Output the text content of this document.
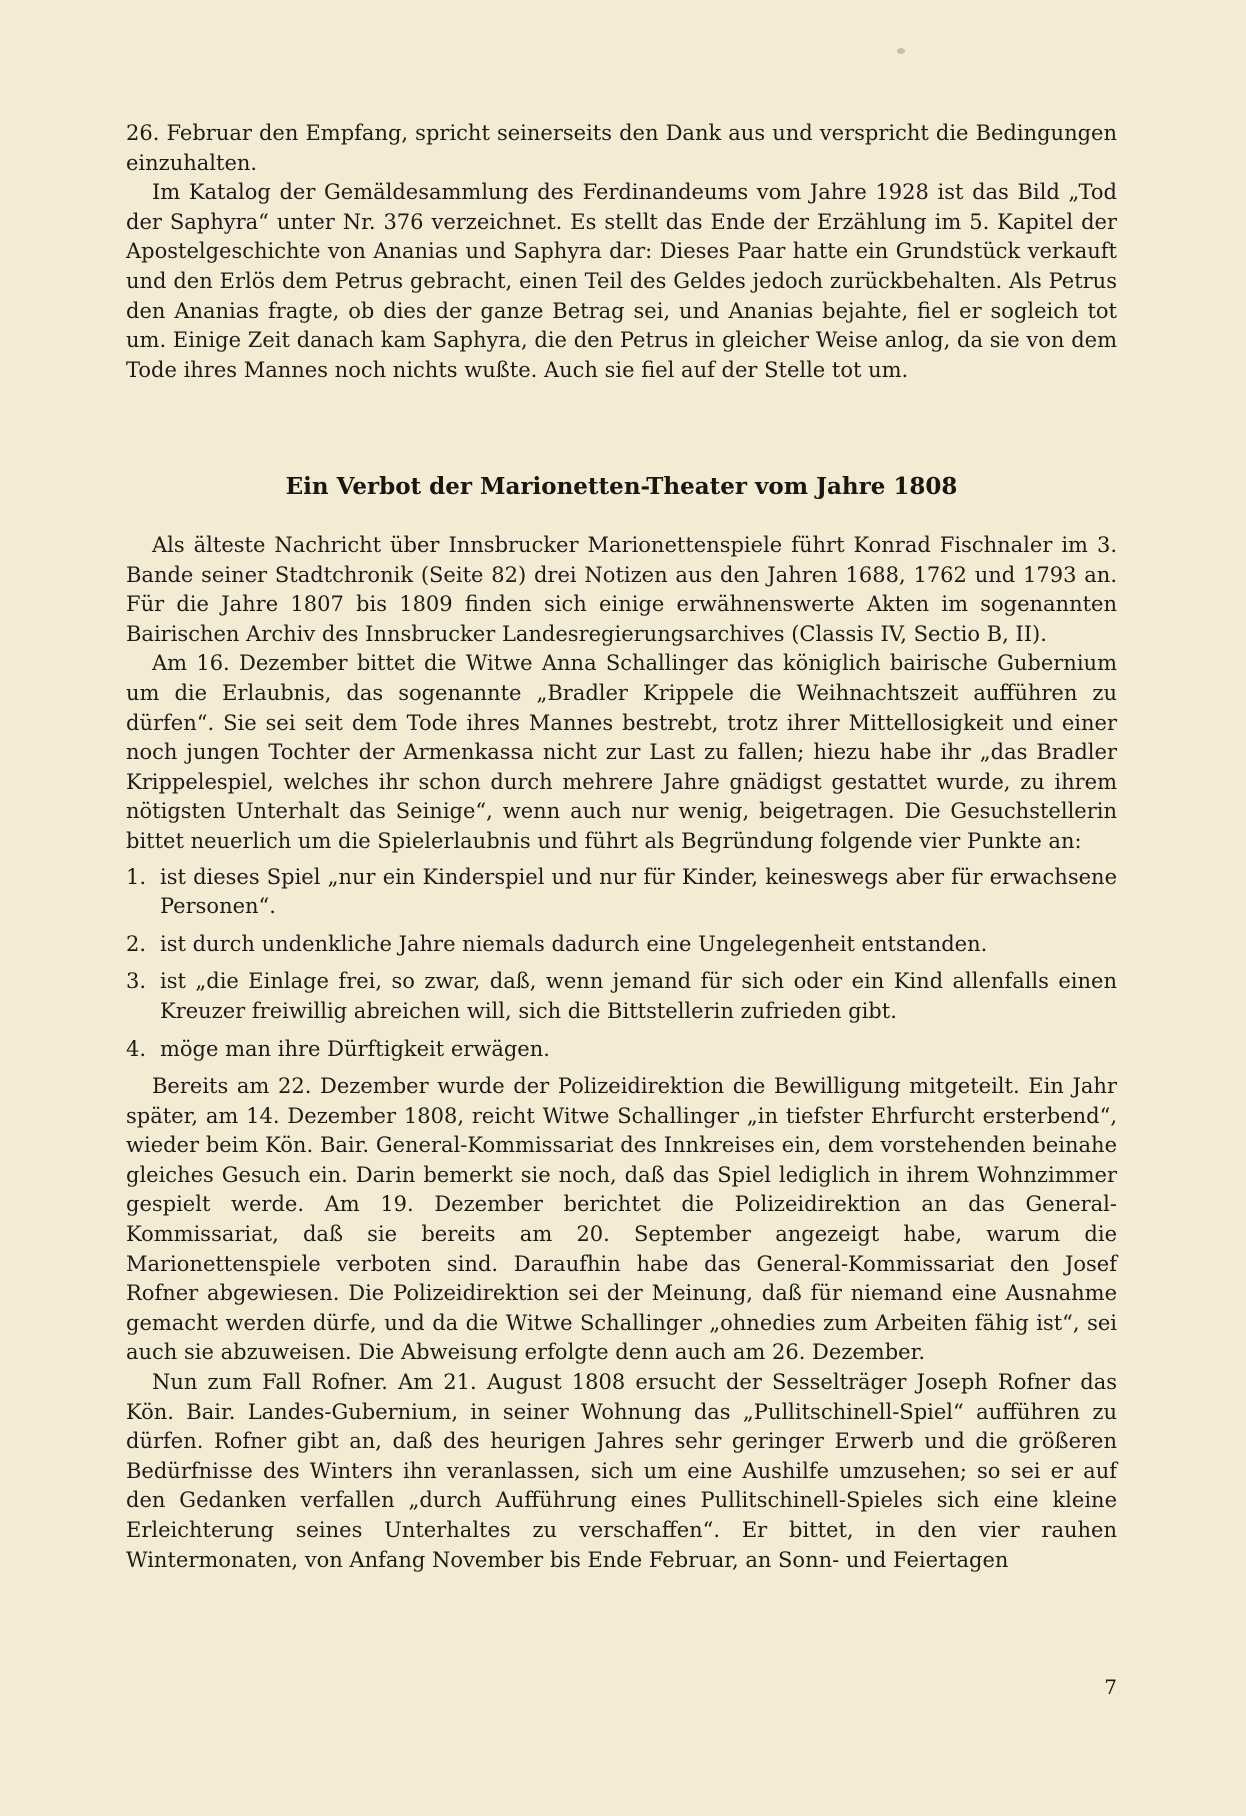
26. Februar den Empfang, spricht seinerseits den Dank aus und verspricht die Bedingungen einzuhalten.

Im Katalog der Gemäldesammlung des Ferdinandeums vom Jahre 1928 ist das Bild „Tod der Saphyra“ unter Nr. 376 verzeichnet. Es stellt das Ende der Erzählung im 5. Kapitel der Apostelgeschichte von Ananias und Saphyra dar: Dieses Paar hatte ein Grundstück verkauft und den Erlös dem Petrus gebracht, einen Teil des Geldes jedoch zurückbehalten. Als Petrus den Ananias fragte, ob dies der ganze Betrag sei, und Ananias bejahte, fiel er sogleich tot um. Einige Zeit danach kam Saphyra, die den Petrus in gleicher Weise anlog, da sie von dem Tode ihres Mannes noch nichts wußte. Auch sie fiel auf der Stelle tot um.

Ein Verbot der Marionetten-Theater vom Jahre 1808

Als älteste Nachricht über Innsbrucker Marionettenspiele führt Konrad Fischnaler im 3. Bande seiner Stadtchronik (Seite 82) drei Notizen aus den Jahren 1688, 1762 und 1793 an. Für die Jahre 1807 bis 1809 finden sich einige erwähnenswerte Akten im sogenannten Bairischen Archiv des Innsbrucker Landesregierungsarchives (Classis IV, Sectio B, II).

Am 16. Dezember bittet die Witwe Anna Schallinger das königlich bairische Gubernium um die Erlaubnis, das sogenannte „Bradler Krippele die Weihnachtszeit aufführen zu dürfen“. Sie sei seit dem Tode ihres Mannes bestrebt, trotz ihrer Mittellosigkeit und einer noch jungen Tochter der Armenkassa nicht zur Last zu fallen; hiezu habe ihr „das Bradler Krippelespiel, welches ihr schon durch mehrere Jahre gnädigst gestattet wurde, zu ihrem nötigsten Unterhalt das Seinige“, wenn auch nur wenig, beigetragen. Die Gesuchstellerin bittet neuerlich um die Spielerlaubnis und führt als Begründung folgende vier Punkte an:

1. ist dieses Spiel „nur ein Kinderspiel und nur für Kinder, keineswegs aber für erwachsene Personen“.
2. ist durch undenkliche Jahre niemals dadurch eine Ungelegenheit entstanden.
3. ist „die Einlage frei, so zwar, daß, wenn jemand für sich oder ein Kind allenfalls einen Kreuzer freiwillig abreichen will, sich die Bittstellerin zufrieden gibt.
4. möge man ihre Dürftigkeit erwägen.

Bereits am 22. Dezember wurde der Polizeidirektion die Bewilligung mitgeteilt. Ein Jahr später, am 14. Dezember 1808, reicht Witwe Schallinger „in tiefster Ehrfurcht ersterbend“, wieder beim Kön. Bair. General-Kommissariat des Innkreises ein, dem vorstehenden beinahe gleiches Gesuch ein. Darin bemerkt sie noch, daß das Spiel lediglich in ihrem Wohnzimmer gespielt werde. Am 19. Dezember berichtet die Polizeidirektion an das General-Kommissariat, daß sie bereits am 20. September angezeigt habe, warum die Marionettenspiele verboten sind. Daraufhin habe das General-Kommissariat den Josef Rofner abgewiesen. Die Polizeidirektion sei der Meinung, daß für niemand eine Ausnahme gemacht werden dürfe, und da die Witwe Schallinger „ohnedies zum Arbeiten fähig ist“, sei auch sie abzuweisen. Die Abweisung erfolgte denn auch am 26. Dezember.

Nun zum Fall Rofner. Am 21. August 1808 ersucht der Sesselträger Joseph Rofner das Kön. Bair. Landes-Gubernium, in seiner Wohnung das „Pullitschinell-Spiel“ aufführen zu dürfen. Rofner gibt an, daß des heurigen Jahres sehr geringer Erwerb und die größeren Bedürfnisse des Winters ihn veranlassen, sich um eine Aushilfe umzusehen; so sei er auf den Gedanken verfallen „durch Aufführung eines Pullitschinell-Spieles sich eine kleine Erleichterung seines Unterhaltes zu verschaffen“. Er bittet, in den vier rauhen Wintermonaten, von Anfang November bis Ende Februar, an Sonn- und Feiertagen

7
